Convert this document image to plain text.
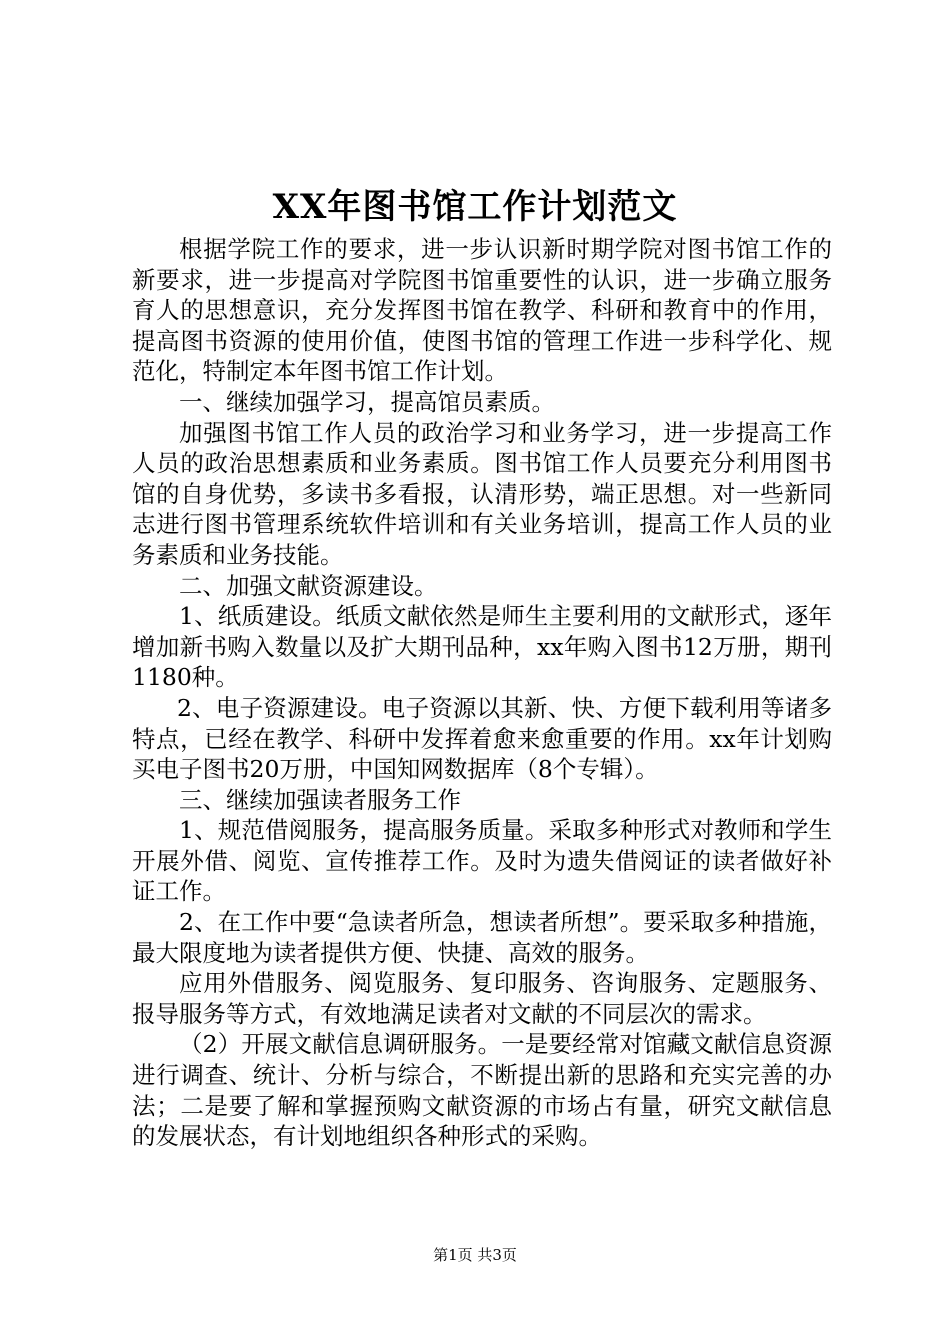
XX年图书馆工作计划范文

根据学院工作的要求，进一步认识新时期学院对图书馆工作的新要求，进一步提高对学院图书馆重要性的认识，进一步确立服务育人的思想意识，充分发挥图书馆在教学、科研和教育中的作用，提高图书资源的使用价值，使图书馆的管理工作进一步科学化、规范化，特制定本年图书馆工作计划。

一、继续加强学习，提高馆员素质。

加强图书馆工作人员的政治学习和业务学习，进一步提高工作人员的政治思想素质和业务素质。图书馆工作人员要充分利用图书馆的自身优势，多读书多看报，认清形势，端正思想。对一些新同志进行图书管理系统软件培训和有关业务培训，提高工作人员的业务素质和业务技能。

二、加强文献资源建设。

1、纸质建设。纸质文献依然是师生主要利用的文献形式，逐年增加新书购入数量以及扩大期刊品种，xx年购入图书12万册，期刊1180种。

2、电子资源建设。电子资源以其新、快、方便下载利用等诸多特点，已经在教学、科研中发挥着愈来愈重要的作用。xx年计划购买电子图书20万册，中国知网数据库（8个专辑）。

三、继续加强读者服务工作

1、规范借阅服务，提高服务质量。采取多种形式对教师和学生开展外借、阅览、宣传推荐工作。及时为遗失借阅证的读者做好补证工作。

2、在工作中要“急读者所急，想读者所想”。要采取多种措施，最大限度地为读者提供方便、快捷、高效的服务。

应用外借服务、阅览服务、复印服务、咨询服务、定题服务、报导服务等方式，有效地满足读者对文献的不同层次的需求。

（2）开展文献信息调研服务。一是要经常对馆藏文献信息资源进行调查、统计、分析与综合，不断提出新的思路和充实完善的办法；二是要了解和掌握预购文献资源的市场占有量，研究文献信息的发展状态，有计划地组织各种形式的采购。

第1页 共3页
